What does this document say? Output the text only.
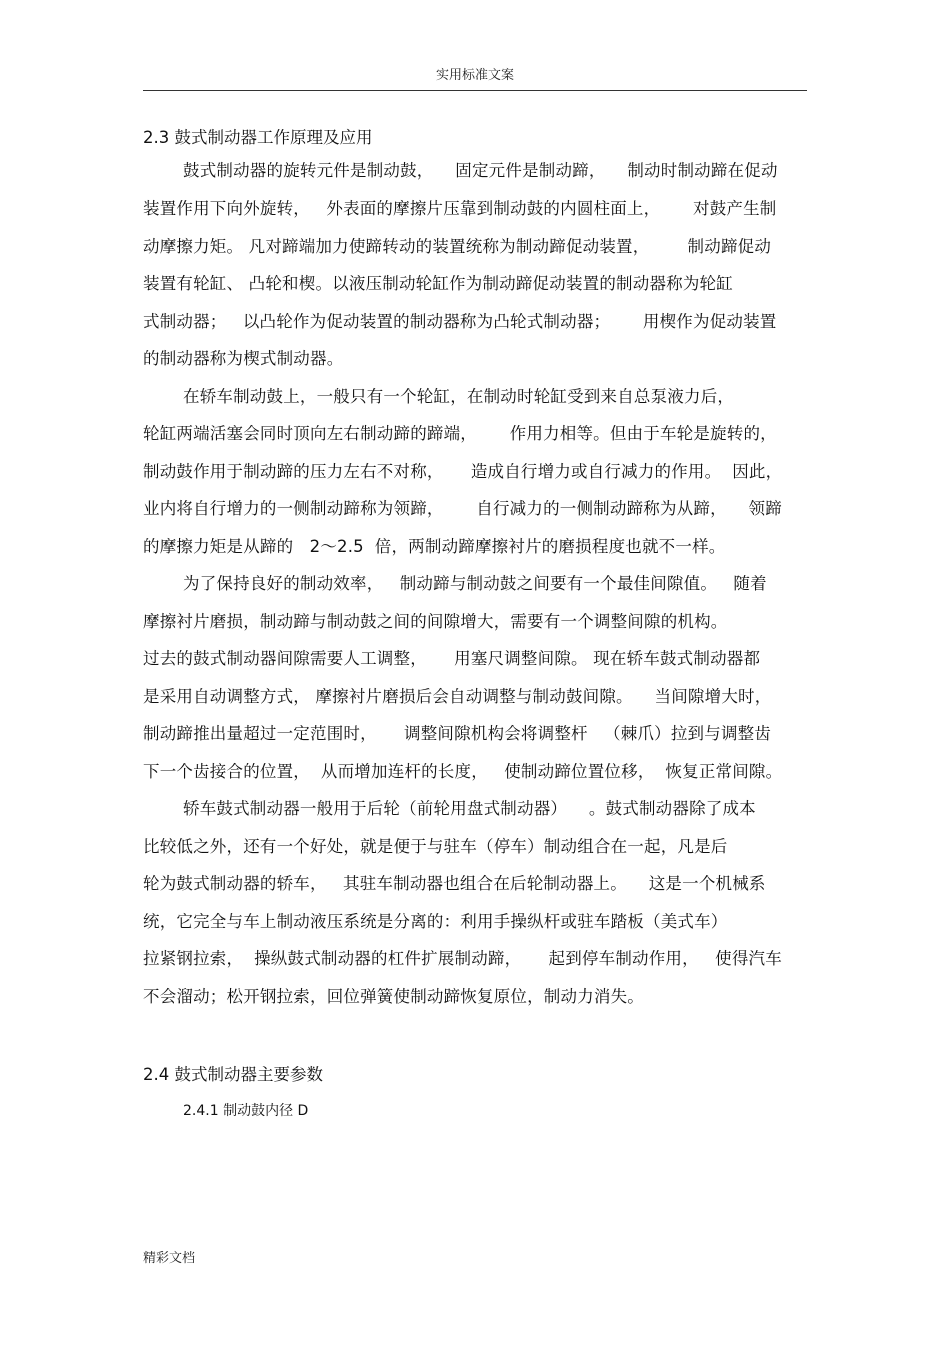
实用标准文案
2.3 鼓式制动器工作原理及应用
鼓式制动器的旋转元件是制动鼓，    固定元件是制动蹄，    制动时制动蹄在促动
装置作用下向外旋转，   外表面的摩擦片压靠到制动鼓的内圆柱面上，      对鼓产生制
动摩擦力矩。 凡对蹄端加力使蹄转动的装置统称为制动蹄促动装置，       制动蹄促动
装置有轮缸、 凸轮和楔。以液压制动轮缸作为制动蹄促动装置的制动器称为轮缸
式制动器；   以凸轮作为促动装置的制动器称为凸轮式制动器；      用楔作为促动装置
的制动器称为楔式制动器。
在轿车制动鼓上，一般只有一个轮缸，在制动时轮缸受到来自总泵液力后，
轮缸两端活塞会同时顶向左右制动蹄的蹄端，      作用力相等。但由于车轮是旋转的，
制动鼓作用于制动蹄的压力左右不对称，     造成自行增力或自行减力的作用。  因此，
业内将自行增力的一侧制动蹄称为领蹄，      自行减力的一侧制动蹄称为从蹄，    领蹄
的摩擦力矩是从蹄的   2～2.5  倍，两制动蹄摩擦衬片的磨损程度也就不一样。
为了保持良好的制动效率，   制动蹄与制动鼓之间要有一个最佳间隙值。   随着
摩擦衬片磨损，制动蹄与制动鼓之间的间隙增大，需要有一个调整间隙的机构。
过去的鼓式制动器间隙需要人工调整，     用塞尺调整间隙。 现在轿车鼓式制动器都
是采用自动调整方式， 摩擦衬片磨损后会自动调整与制动鼓间隙。    当间隙增大时，
制动蹄推出量超过一定范围时，     调整间隙机构会将调整杆   （棘爪）拉到与调整齿
下一个齿接合的位置，  从而增加连杆的长度，   使制动蹄位置位移，  恢复正常间隙。
轿车鼓式制动器一般用于后轮（前轮用盘式制动器）    。鼓式制动器除了成本
比较低之外，还有一个好处，就是便于与驻车（停车）制动组合在一起，凡是后
轮为鼓式制动器的轿车，   其驻车制动器也组合在后轮制动器上。    这是一个机械系
统，它完全与车上制动液压系统是分离的：利用手操纵杆或驻车踏板（美式车）
拉紧钢拉索，  操纵鼓式制动器的杠件扩展制动蹄，     起到停车制动作用，   使得汽车
不会溜动；松开钢拉索，回位弹簧使制动蹄恢复原位，制动力消失。
2.4 鼓式制动器主要参数
2.4.1 制动鼓内径 D
精彩文档
